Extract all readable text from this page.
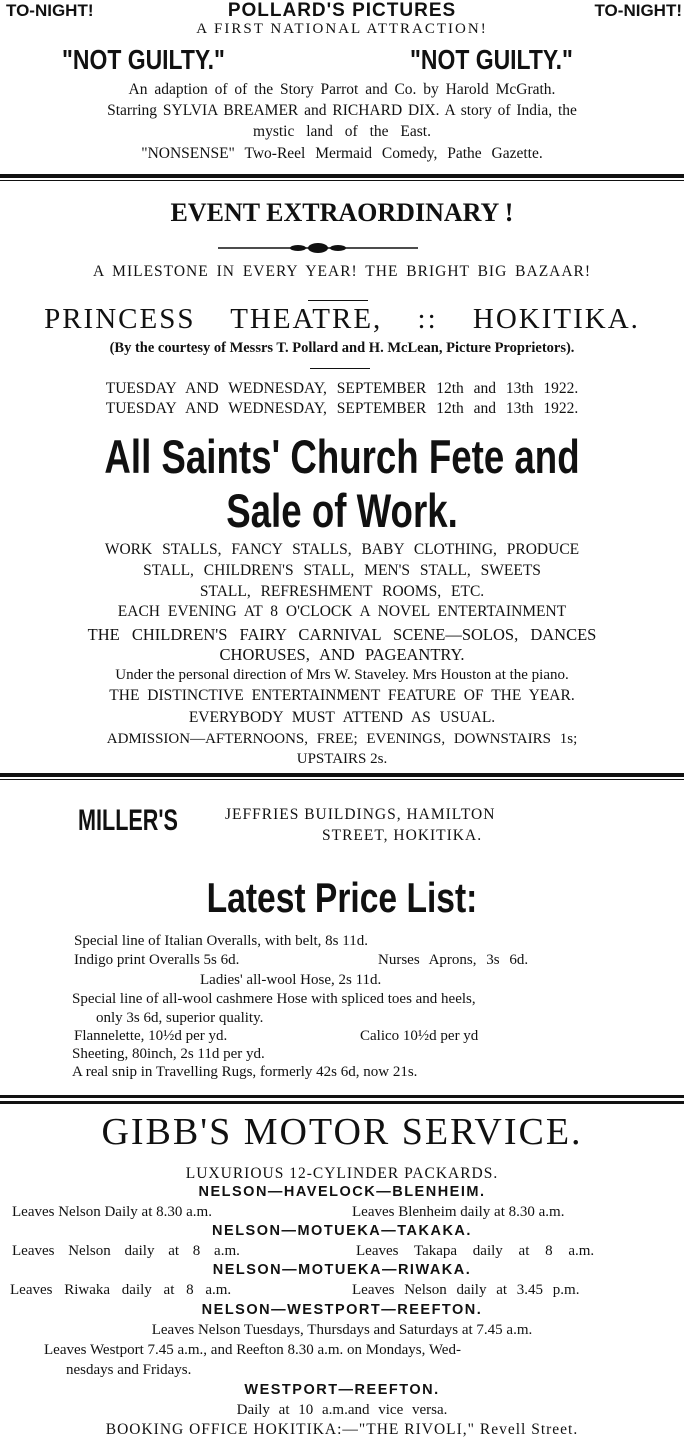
TO-NIGHT!	POLLARD'S PICTURES	TO-NIGHT!
A FIRST NATIONAL ATTRACTION!
"NOT GUILTY."	"NOT GUILTY."
An adaption of of the Story Parrot and Co. by Harold McGrath.
Starring SYLVIA BREAMER and RICHARD DIX. A story of India, the
mystic land of the East.
"NONSENSE" Two-Reel Mermaid Comedy, Pathe Gazette.
EVENT EXTRAORDINARY !
A MILESTONE IN EVERY YEAR! THE BRIGHT BIG BAZAAR!
PRINCESS THEATRE, :: HOKITIKA.
(By the courtesy of Messrs T. Pollard and H. McLean, Picture Proprietors).
TUESDAY AND WEDNESDAY, SEPTEMBER 12th and 13th 1922.
TUESDAY AND WEDNESDAY, SEPTEMBER 12th and 13th 1922.
All Saints' Church Fete and
Sale of Work.
WORK STALLS, FANCY STALLS, BABY CLOTHING, PRODUCE
STALL, CHILDREN'S STALL, MEN'S STALL, SWEETS
STALL, REFRESHMENT ROOMS, ETC.
EACH EVENING AT 8 O'CLOCK A NOVEL ENTERTAINMENT
THE CHILDREN'S FAIRY CARNIVAL SCENE—SOLOS, DANCES
CHORUSES, AND PAGEANTRY.
Under the personal direction of Mrs W. Staveley. Mrs Houston at the piano.
THE DISTINCTIVE ENTERTAINMENT FEATURE OF THE YEAR.
EVERYBODY MUST ATTEND AS USUAL.
ADMISSION—AFTERNOONS, FREE; EVENINGS, DOWNSTAIRS 1s;
UPSTAIRS 2s.
MILLER'S	JEFFRIES BUILDINGS, HAMILTON
STREET, HOKITIKA.
Latest Price List:
Special line of Italian Overalls, with belt, 8s 11d.
Indigo print Overalls 5s 6d.	Nurses Aprons, 3s 6d.
Ladies' all-wool Hose, 2s 11d.
Special line of all-wool cashmere Hose with spliced toes and heels,
only 3s 6d, superior quality.
Flannelette, 10½d per yd.	Calico 10½d per yd
Sheeting, 80inch, 2s 11d per yd.
A real snip in Travelling Rugs, formerly 42s 6d, now 21s.
GIBB'S MOTOR SERVICE.
LUXURIOUS 12-CYLINDER PACKARDS.
NELSON—HAVELOCK—BLENHEIM.
Leaves Nelson Daily at 8.30 a.m.	Leaves Blenheim daily at 8.30 a.m.
NELSON—MOTUEKA—TAKAKA.
Leaves Nelson daily at 8 a.m.	Leaves Takapa daily at 8 a.m.
NELSON—MOTUEKA—RIWAKA.
Leaves Riwaka daily at 8 a.m.	Leaves Nelson daily at 3.45 p.m.
NELSON—WESTPORT—REEFTON.
Leaves Nelson Tuesdays, Thursdays and Saturdays at 7.45 a.m.
Leaves Westport 7.45 a.m., and Reefton 8.30 a.m. on Mondays, Wed-
nesdays and Fridays.
WESTPORT—REEFTON.
Daily at 10 a.m.and vice versa.
BOOKING OFFICE HOKITIKA:—"THE RIVOLI," Revell Street.
